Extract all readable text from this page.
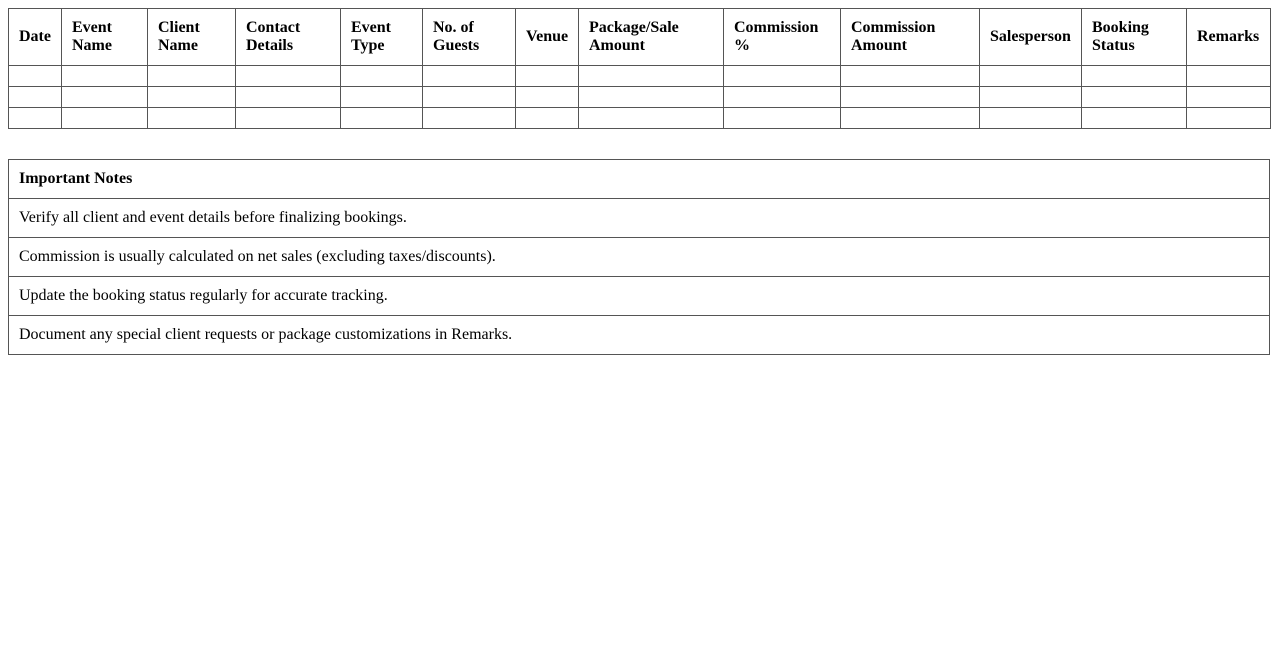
Date	Event Name	Client Name	Contact Details	Event Type	No. of Guests	Venue	Package/Sale Amount	Commission %	Commission Amount	Salesperson	Booking Status	Remarks

Important Notes
Verify all client and event details before finalizing bookings.
Commission is usually calculated on net sales (excluding taxes/discounts).
Update the booking status regularly for accurate tracking.
Document any special client requests or package customizations in Remarks.
